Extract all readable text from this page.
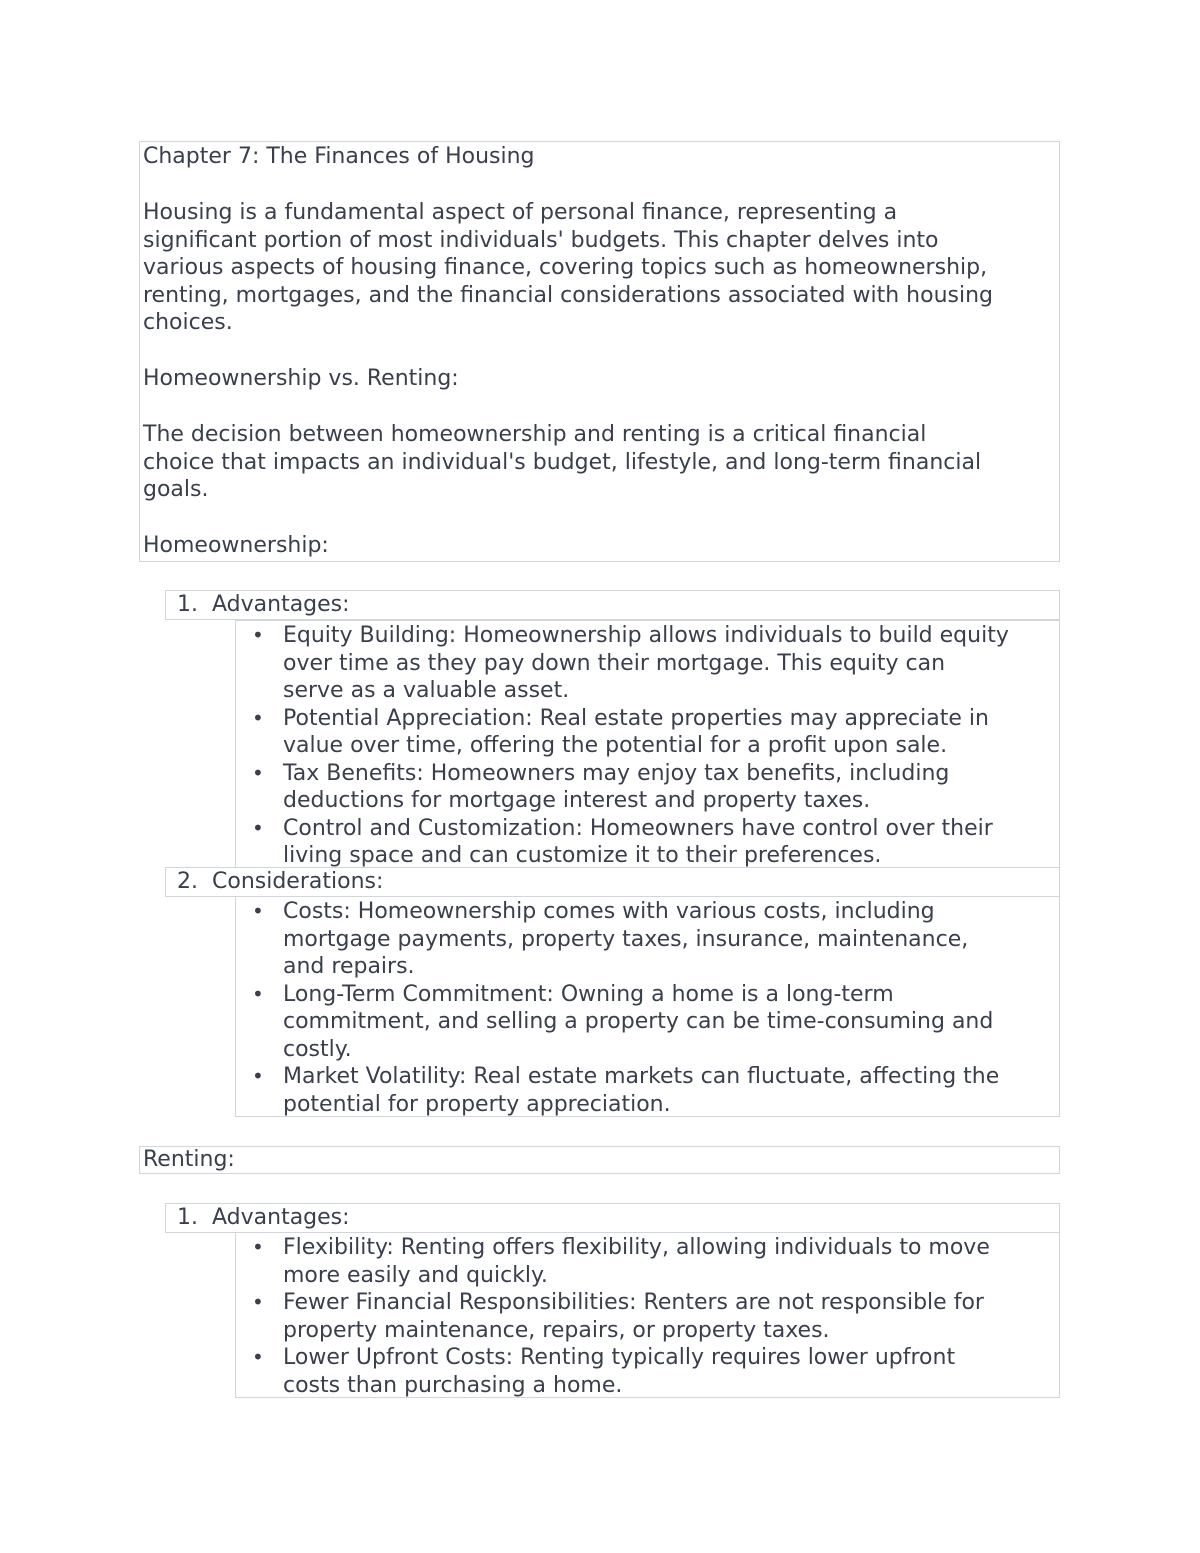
Chapter 7: The Finances of Housing

Housing is a fundamental aspect of personal finance, representing a

significant portion of most individuals' budgets. This chapter delves into

various aspects of housing finance, covering topics such as homeownership,

renting, mortgages, and the financial considerations associated with housing

choices.

Homeownership vs. Renting:

The decision between homeownership and renting is a critical financial

choice that impacts an individual's budget, lifestyle, and long-term financial

goals.

Homeownership:

1. Advantages:
• Equity Building: Homeownership allows individuals to build equity
over time as they pay down their mortgage. This equity can
serve as a valuable asset.
• Potential Appreciation: Real estate properties may appreciate in
value over time, offering the potential for a profit upon sale.
• Tax Benefits: Homeowners may enjoy tax benefits, including
deductions for mortgage interest and property taxes.
• Control and Customization: Homeowners have control over their
living space and can customize it to their preferences.
2. Considerations:
• Costs: Homeownership comes with various costs, including
mortgage payments, property taxes, insurance, maintenance,
and repairs.
• Long-Term Commitment: Owning a home is a long-term
commitment, and selling a property can be time-consuming and
costly.
• Market Volatility: Real estate markets can fluctuate, affecting the
potential for property appreciation.
Renting:
1. Advantages:
• Flexibility: Renting offers flexibility, allowing individuals to move
more easily and quickly.
• Fewer Financial Responsibilities: Renters are not responsible for
property maintenance, repairs, or property taxes.
• Lower Upfront Costs: Renting typically requires lower upfront
costs than purchasing a home.
